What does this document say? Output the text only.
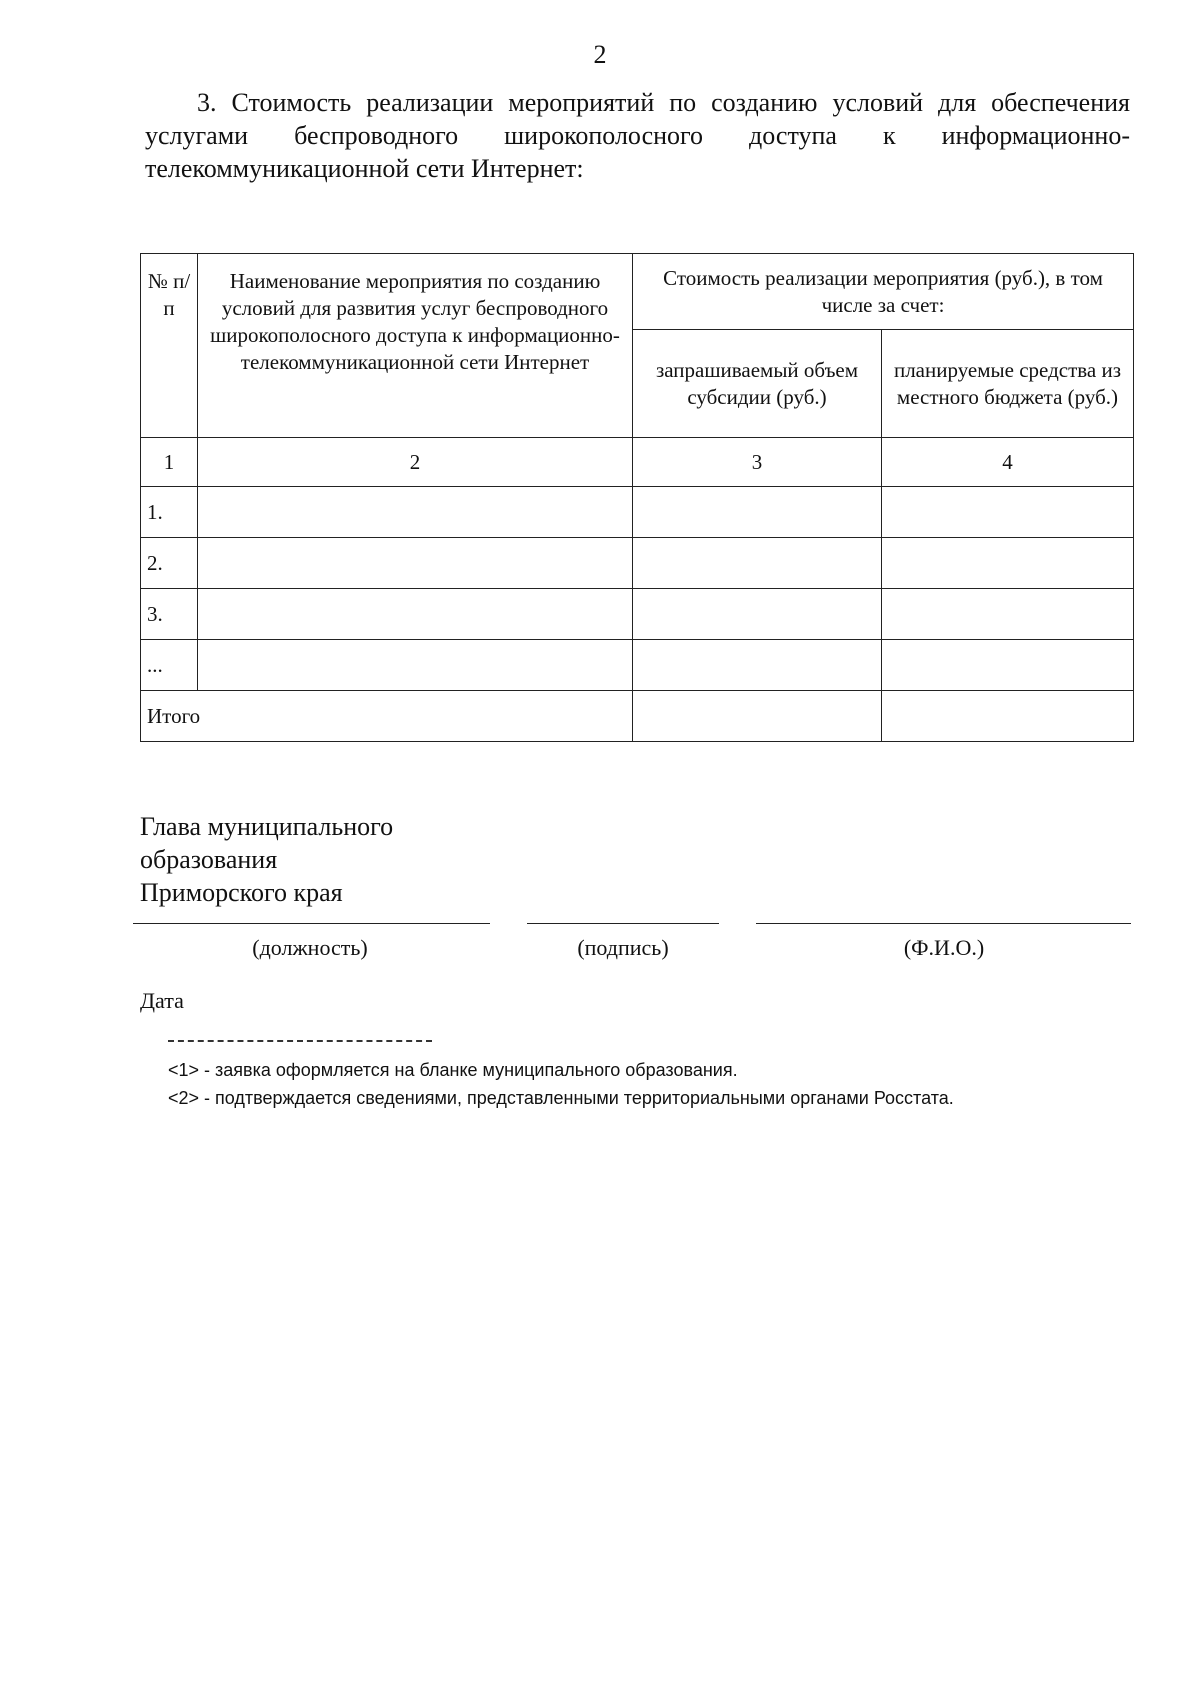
2

3. Стоимость реализации мероприятий по созданию условий для обеспечения услугами беспроводного широкополосного доступа к информационно-телекоммуникационной сети Интернет:

№ п/п	Наименование мероприятия по созданию условий для развития услуг беспроводного широкополосного доступа к информационно-телекоммуникационной сети Интернет	Стоимость реализации мероприятия (руб.), в том числе за счет:	
		запрашиваемый объем субсидии (руб.)	планируемые средства из местного бюджета (руб.)
1	2	3	4
1.			
2.			
3.			
...			
Итого			
Глава муниципального
образования
Приморского края
(должность)	(подпись)	(Ф.И.О.)
Дата
<1> - заявка оформляется на бланке муниципального образования.
<2> - подтверждается сведениями, представленными территориальными органами Росстата.
